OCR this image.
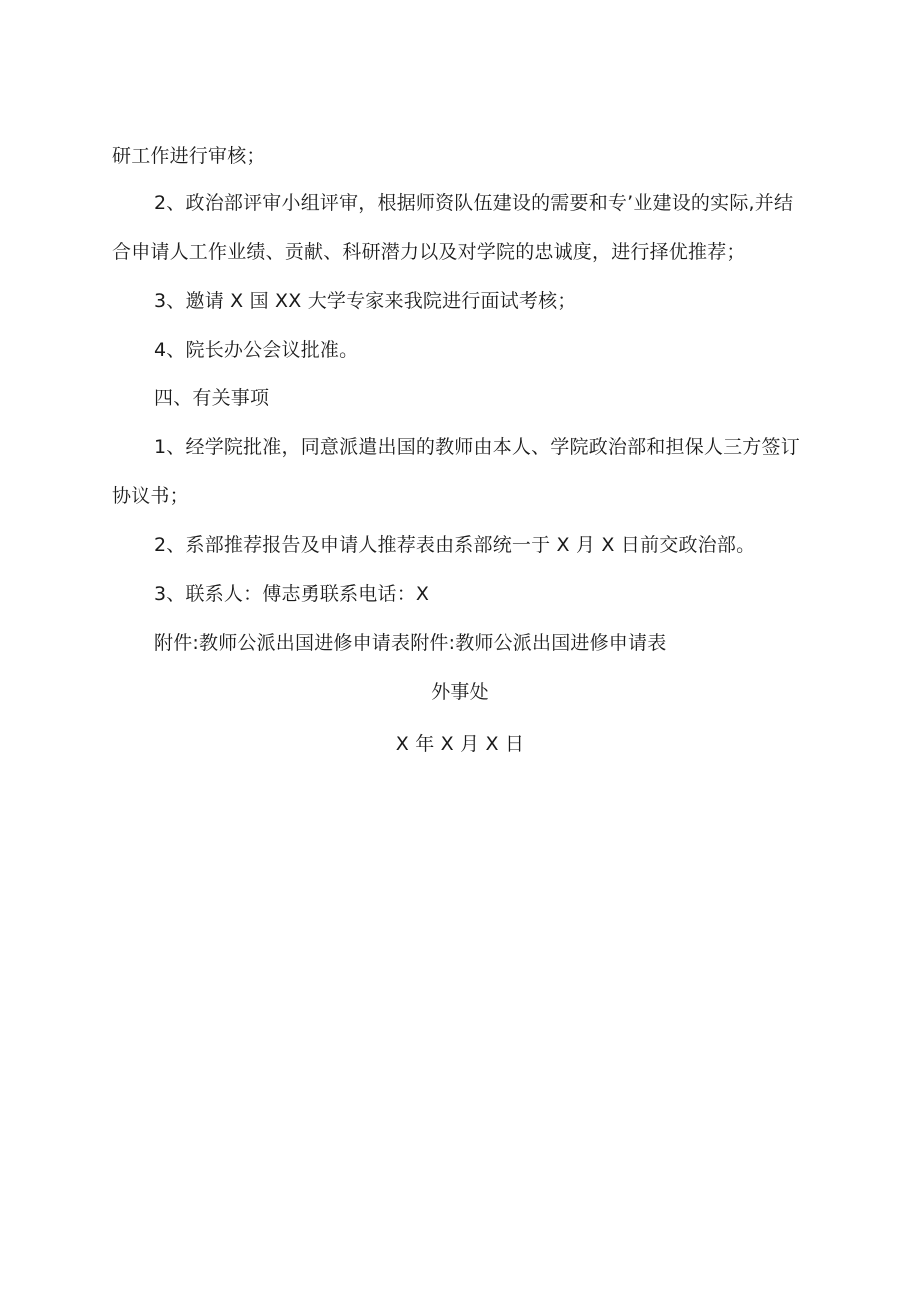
研工作进行审核；
2、政治部评审小组评审，根据师资队伍建设的需要和专’业建设的实际,并结
合申请人工作业绩、贡献、科研潜力以及对学院的忠诚度，进行择优推荐；
3、邀请 X 国 XX 大学专家来我院进行面试考核；
4、院长办公会议批准。
四、有关事项
1、经学院批准，同意派遣出国的教师由本人、学院政治部和担保人三方签订
协议书；
2、系部推荐报告及申请人推荐表由系部统一于 X 月 X 日前交政治部。
3、联系人：傅志勇联系电话：X
附件:教师公派出国进修申请表附件:教师公派出国进修申请表
外事处
X 年 X 月 X 日
